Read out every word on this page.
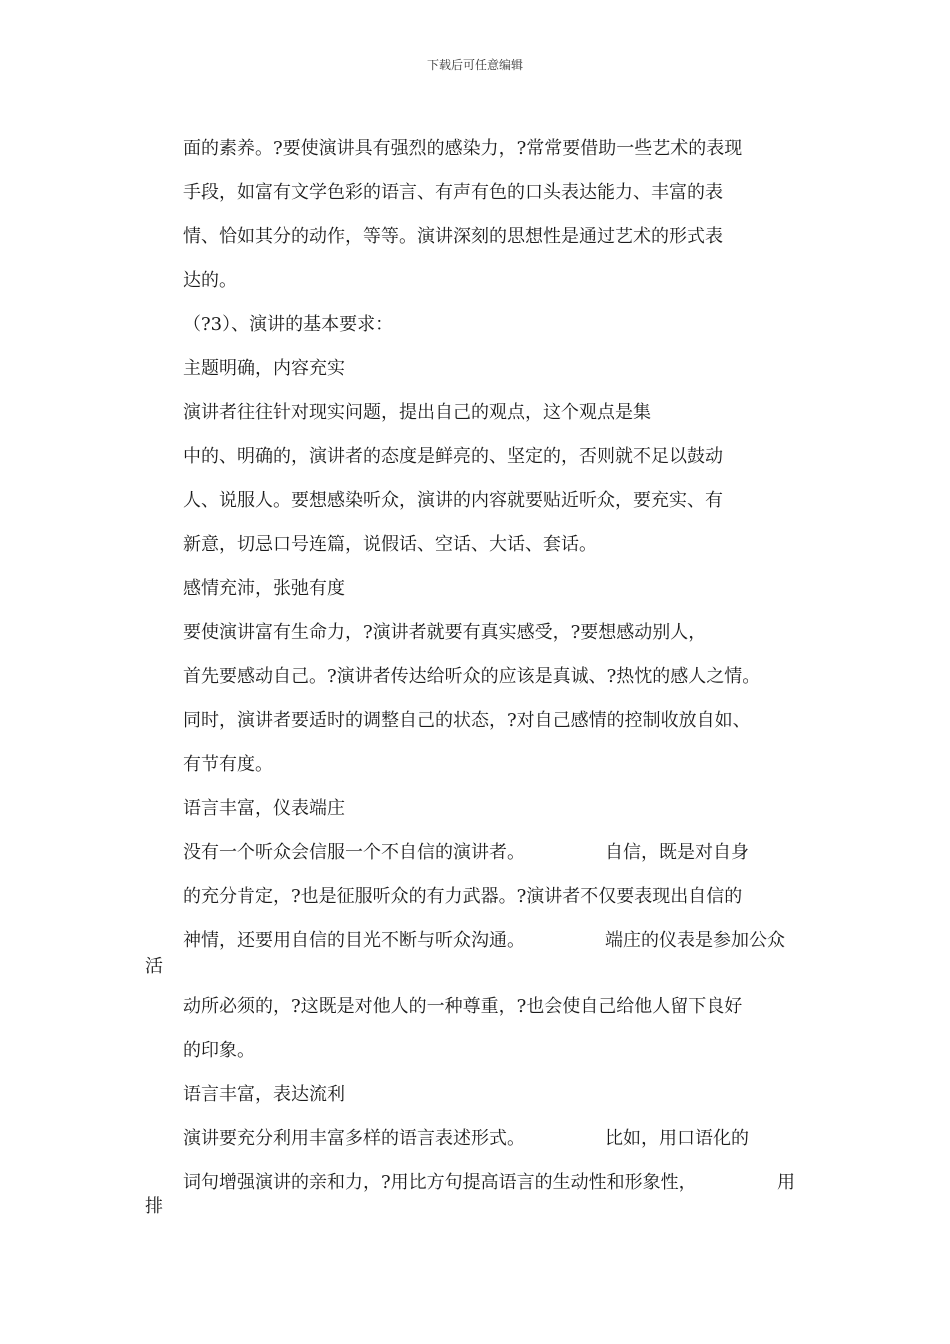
下载后可任意编辑
面的素养。?要使演讲具有强烈的感染力，?常常要借助一些艺术的表现
手段，如富有文学色彩的语言、有声有色的口头表达能力、丰富的表
情、恰如其分的动作，等等。演讲深刻的思想性是通过艺术的形式表
达的。
（?3）、演讲的基本要求：
主题明确，内容充实
演讲者往往针对现实问题，提出自己的观点，这个观点是集
中的、明确的，演讲者的态度是鲜亮的、坚定的，否则就不足以鼓动
人、说服人。要想感染听众，演讲的内容就要贴近听众，要充实、有
新意，切忌口号连篇，说假话、空话、大话、套话。
感情充沛，张弛有度
要使演讲富有生命力，?演讲者就要有真实感受，?要想感动别人，
首先要感动自己。?演讲者传达给听众的应该是真诚、?热忱的感人之情。
同时，演讲者要适时的调整自己的状态，?对自己感情的控制收放自如、
有节有度。
语言丰富，仪表端庄
没有一个听众会信服一个不自信的演讲者。	自信，既是对自身
的充分肯定，?也是征服听众的有力武器。?演讲者不仅要表现出自信的
神情，还要用自信的目光不断与听众沟通。	端庄的仪表是参加公众
活
动所必须的，?这既是对他人的一种尊重，?也会使自己给他人留下良好
的印象。
语言丰富，表达流利
演讲要充分利用丰富多样的语言表述形式。	比如，用口语化的
词句增强演讲的亲和力，?用比方句提高语言的生动性和形象性，	用
排
